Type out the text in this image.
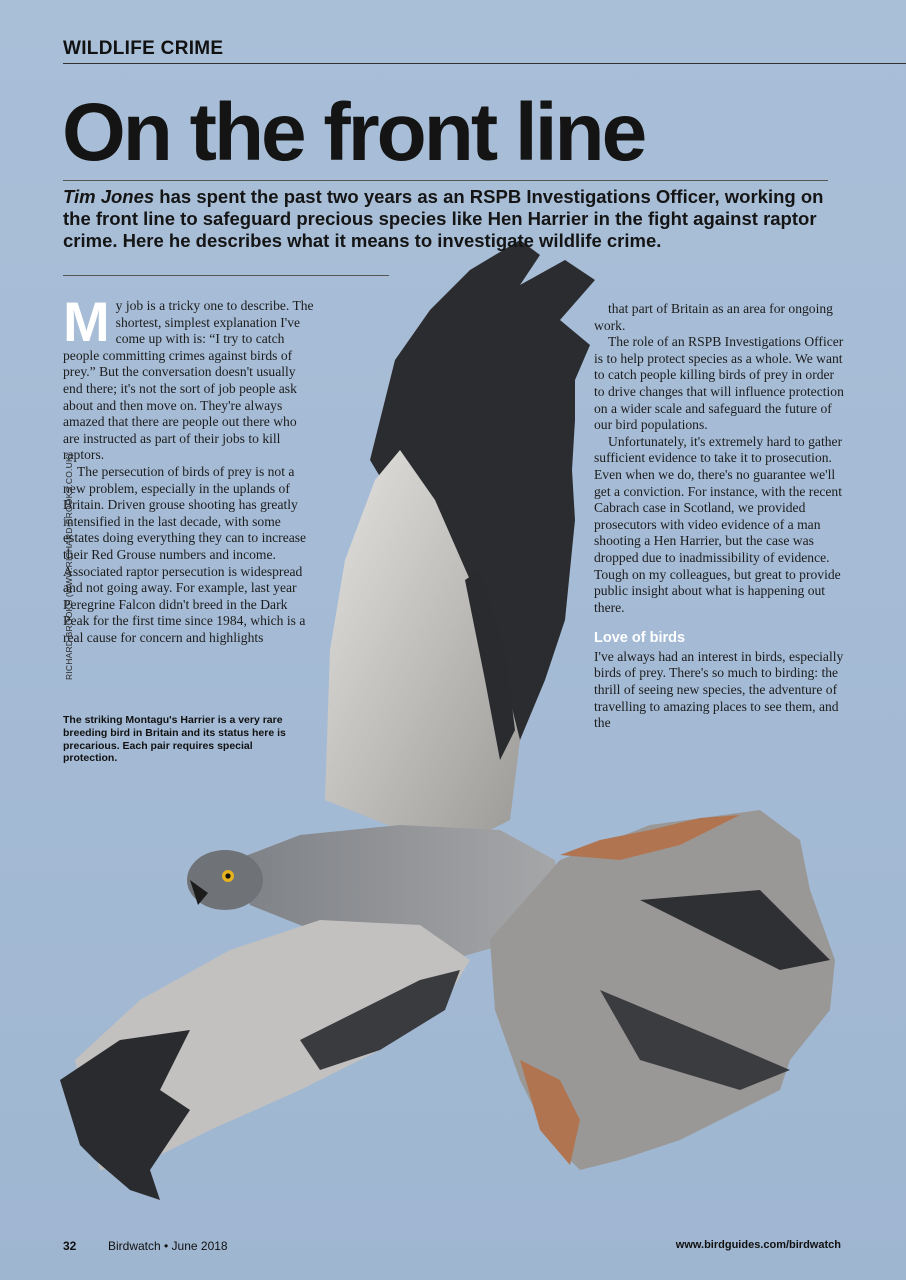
WILDLIFE CRIME
On the front line
Tim Jones has spent the past two years as an RSPB Investigations Officer, working on the front line to safeguard precious species like Hen Harrier in the fight against raptor crime. Here he describes what it means to investigate wildlife crime.
M y job is a tricky one to describe. The shortest, simplest explanation I've come up with is: “I try to catch people committing crimes against birds of prey.” But the conversation doesn't usually end there; it's not the sort of job people ask about and then move on. They're always amazed that there are people out there who are instructed as part of their jobs to kill raptors.

The persecution of birds of prey is not a new problem, especially in the uplands of Britain. Driven grouse shooting has greatly intensified in the last decade, with some estates doing everything they can to increase their Red Grouse numbers and income. Associated raptor persecution is widespread and not going away. For example, last year Peregrine Falcon didn't breed in the Dark Peak for the first time since 1984, which is a real cause for concern and highlights

RICHARD BROOKS (WWW.RICHARD-BROOKS.CO.UK)
The striking Montagu's Harrier is a very rare breeding bird in Britain and its status here is precarious. Each pair requires special protection.

that part of Britain as an area for ongoing work.

The role of an RSPB Investigations Officer is to help protect species as a whole. We want to catch people killing birds of prey in order to drive changes that will influence protection on a wider scale and safeguard the future of our bird populations.

Unfortunately, it's extremely hard to gather sufficient evidence to take it to prosecution. Even when we do, there's no guarantee we'll get a conviction. For instance, with the recent Cabrach case in Scotland, we provided prosecutors with video evidence of a man shooting a Hen Harrier, but the case was dropped due to inadmissibility of evidence. Tough on my colleagues, but great to provide public insight about what is happening out there.

Love of birds

I've always had an interest in birds, especially birds of prey. There's so much to birding: the thrill of seeing new species, the adventure of travelling to amazing places to see them, and the

32	Birdwatch • June 2018	www.birdguides.com/birdwatch
